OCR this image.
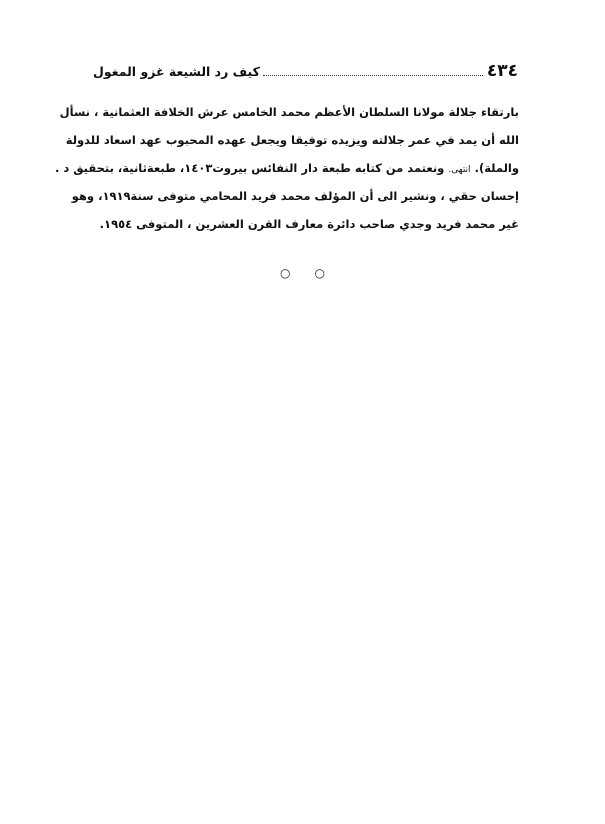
٤٣٤
كيف رد الشيعة غزو المغول
بارتقاء جلالة مولانا السلطان الأعظم محمد الخامس عرش الخلافة العثمانية ، نسأل
الله أن يمد في عمر جلالته ويزيده توفيقا ويجعل عهده المحبوب عهد اسعاد للدولة
والملة). انتهى. ونعتمد من كتابه طبعة دار النفائس بيروت١٤٠٣، طبعةثانية، بتحقيق د .
إحسان حقي ، ونشير الى أن المؤلف محمد فريد المحامي متوفى سنة١٩١٩، وهو
غير محمد فريد وجدي صاحب دائرة معارف القرن العشرين ، المتوفى ١٩٥٤.
○ ○
